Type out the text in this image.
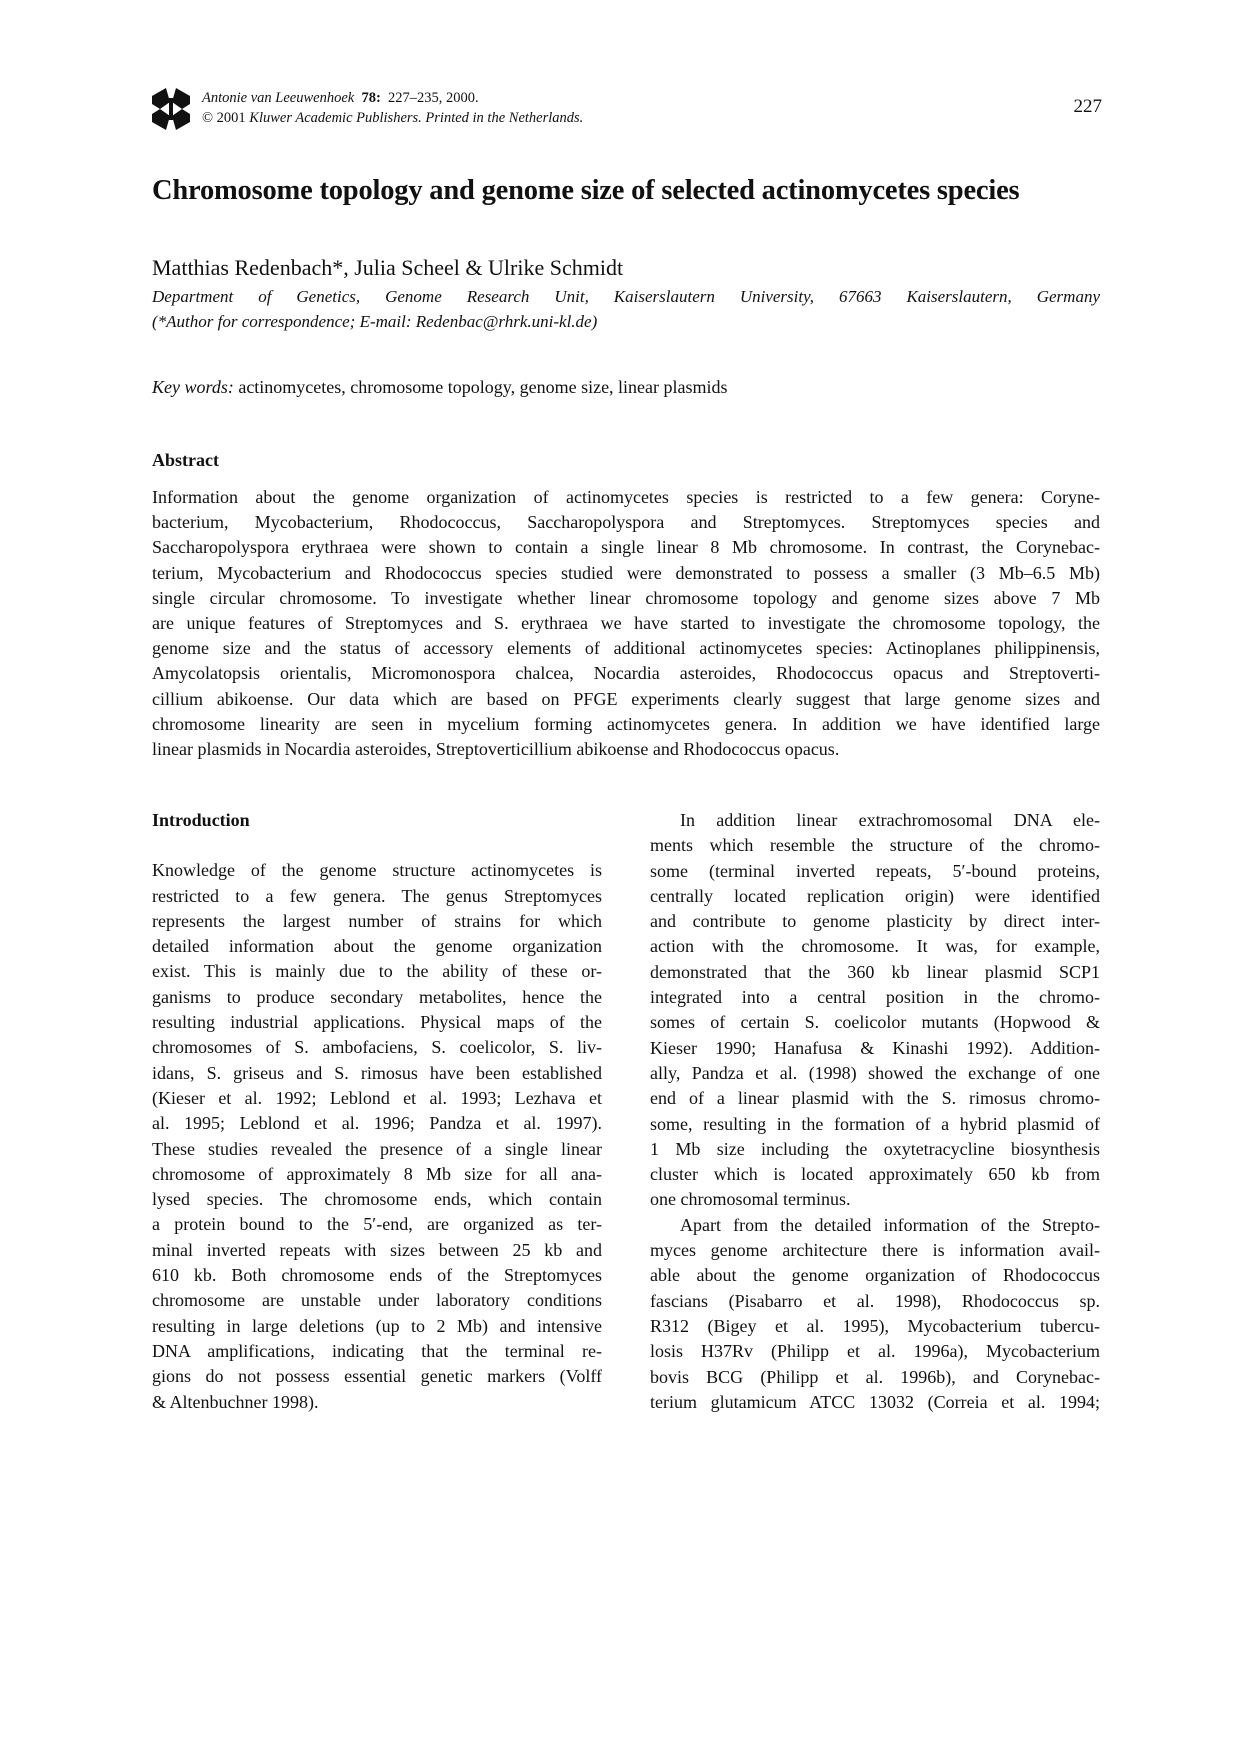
Antonie van Leeuwenhoek 78: 227–235, 2000.
© 2001 Kluwer Academic Publishers. Printed in the Netherlands.
227
Chromosome topology and genome size of selected actinomycetes species
Matthias Redenbach*, Julia Scheel & Ulrike Schmidt
Department of Genetics, Genome Research Unit, Kaiserslautern University, 67663 Kaiserslautern, Germany
(*Author for correspondence; E-mail: Redenbac@rhrk.uni-kl.de)
Key words: actinomycetes, chromosome topology, genome size, linear plasmids
Abstract
Information about the genome organization of actinomycetes species is restricted to a few genera: Coryne-
bacterium, Mycobacterium, Rhodococcus, Saccharopolyspora and Streptomyces. Streptomyces species and
Saccharopolyspora erythraea were shown to contain a single linear 8 Mb chromosome. In contrast, the Corynebac-
terium, Mycobacterium and Rhodococcus species studied were demonstrated to possess a smaller (3 Mb–6.5 Mb)
single circular chromosome. To investigate whether linear chromosome topology and genome sizes above 7 Mb
are unique features of Streptomyces and S. erythraea we have started to investigate the chromosome topology, the
genome size and the status of accessory elements of additional actinomycetes species: Actinoplanes philippinensis,
Amycolatopsis orientalis, Micromonospora chalcea, Nocardia asteroides, Rhodococcus opacus and Streptoverti-
cillium abikoense. Our data which are based on PFGE experiments clearly suggest that large genome sizes and
chromosome linearity are seen in mycelium forming actinomycetes genera. In addition we have identified large
linear plasmids in Nocardia asteroides, Streptoverticillium abikoense and Rhodococcus opacus.
Introduction
Knowledge of the genome structure actinomycetes is
restricted to a few genera. The genus Streptomyces
represents the largest number of strains for which
detailed information about the genome organization
exist. This is mainly due to the ability of these or-
ganisms to produce secondary metabolites, hence the
resulting industrial applications. Physical maps of the
chromosomes of S. ambofaciens, S. coelicolor, S. liv-
idans, S. griseus and S. rimosus have been established
(Kieser et al. 1992; Leblond et al. 1993; Lezhava et
al. 1995; Leblond et al. 1996; Pandza et al. 1997).
These studies revealed the presence of a single linear
chromosome of approximately 8 Mb size for all ana-
lysed species. The chromosome ends, which contain
a protein bound to the 5′-end, are organized as ter-
minal inverted repeats with sizes between 25 kb and
610 kb. Both chromosome ends of the Streptomyces
chromosome are unstable under laboratory conditions
resulting in large deletions (up to 2 Mb) and intensive
DNA amplifications, indicating that the terminal re-
gions do not possess essential genetic markers (Volff
& Altenbuchner 1998).
In addition linear extrachromosomal DNA ele-
ments which resemble the structure of the chromo-
some (terminal inverted repeats, 5′-bound proteins,
centrally located replication origin) were identified
and contribute to genome plasticity by direct inter-
action with the chromosome. It was, for example,
demonstrated that the 360 kb linear plasmid SCP1
integrated into a central position in the chromo-
somes of certain S. coelicolor mutants (Hopwood &
Kieser 1990; Hanafusa & Kinashi 1992). Addition-
ally, Pandza et al. (1998) showed the exchange of one
end of a linear plasmid with the S. rimosus chromo-
some, resulting in the formation of a hybrid plasmid of
1 Mb size including the oxytetracycline biosynthesis
cluster which is located approximately 650 kb from
one chromosomal terminus.
Apart from the detailed information of the Strepto-
myces genome architecture there is information avail-
able about the genome organization of Rhodococcus
fascians (Pisabarro et al. 1998), Rhodococcus sp.
R312 (Bigey et al. 1995), Mycobacterium tubercu-
losis H37Rv (Philipp et al. 1996a), Mycobacterium
bovis BCG (Philipp et al. 1996b), and Corynebac-
terium glutamicum ATCC 13032 (Correia et al. 1994;
